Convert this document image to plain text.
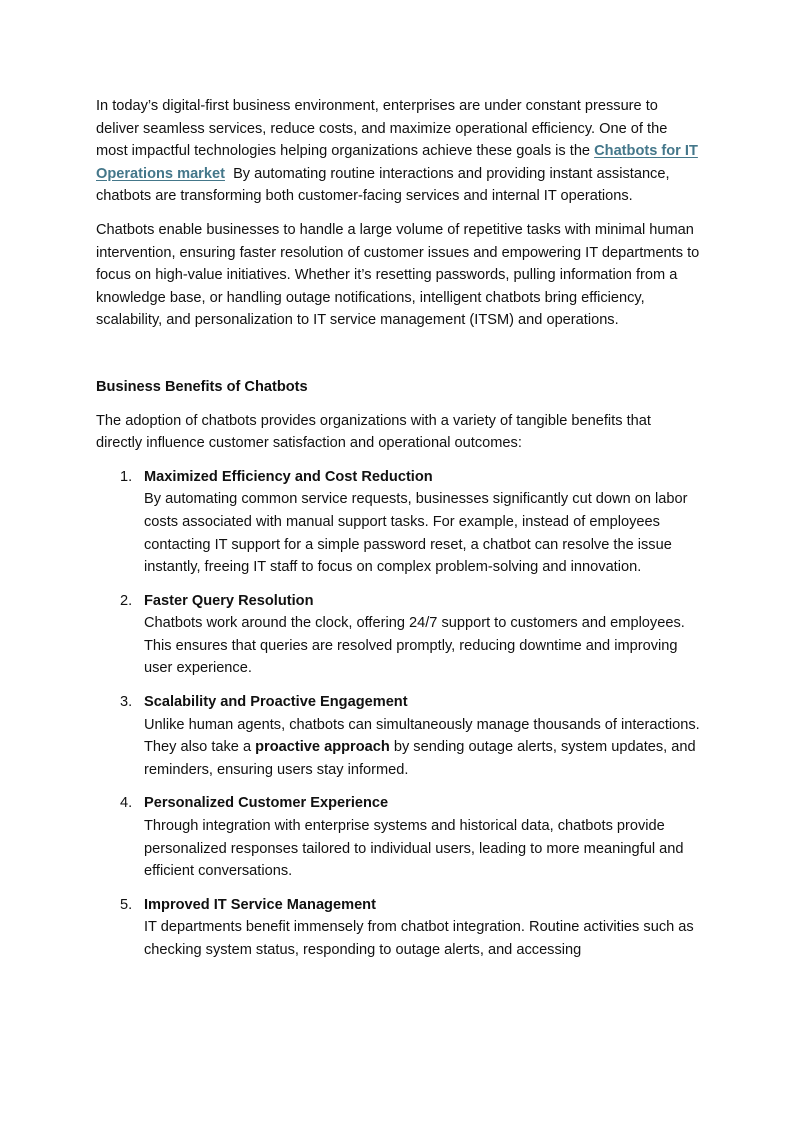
In today’s digital-first business environment, enterprises are under constant pressure to deliver seamless services, reduce costs, and maximize operational efficiency. One of the most impactful technologies helping organizations achieve these goals is the Chatbots for IT Operations market  By automating routine interactions and providing instant assistance, chatbots are transforming both customer-facing services and internal IT operations.

Chatbots enable businesses to handle a large volume of repetitive tasks with minimal human intervention, ensuring faster resolution of customer issues and empowering IT departments to focus on high-value initiatives. Whether it’s resetting passwords, pulling information from a knowledge base, or handling outage notifications, intelligent chatbots bring efficiency, scalability, and personalization to IT service management (ITSM) and operations.

Business Benefits of Chatbots

The adoption of chatbots provides organizations with a variety of tangible benefits that directly influence customer satisfaction and operational outcomes:

1. Maximized Efficiency and Cost Reduction
By automating common service requests, businesses significantly cut down on labor costs associated with manual support tasks. For example, instead of employees contacting IT support for a simple password reset, a chatbot can resolve the issue instantly, freeing IT staff to focus on complex problem-solving and innovation.
2. Faster Query Resolution
Chatbots work around the clock, offering 24/7 support to customers and employees. This ensures that queries are resolved promptly, reducing downtime and improving user experience.
3. Scalability and Proactive Engagement
Unlike human agents, chatbots can simultaneously manage thousands of interactions. They also take a proactive approach by sending outage alerts, system updates, and reminders, ensuring users stay informed.
4. Personalized Customer Experience
Through integration with enterprise systems and historical data, chatbots provide personalized responses tailored to individual users, leading to more meaningful and efficient conversations.
5. Improved IT Service Management
IT departments benefit immensely from chatbot integration. Routine activities such as checking system status, responding to outage alerts, and accessing
